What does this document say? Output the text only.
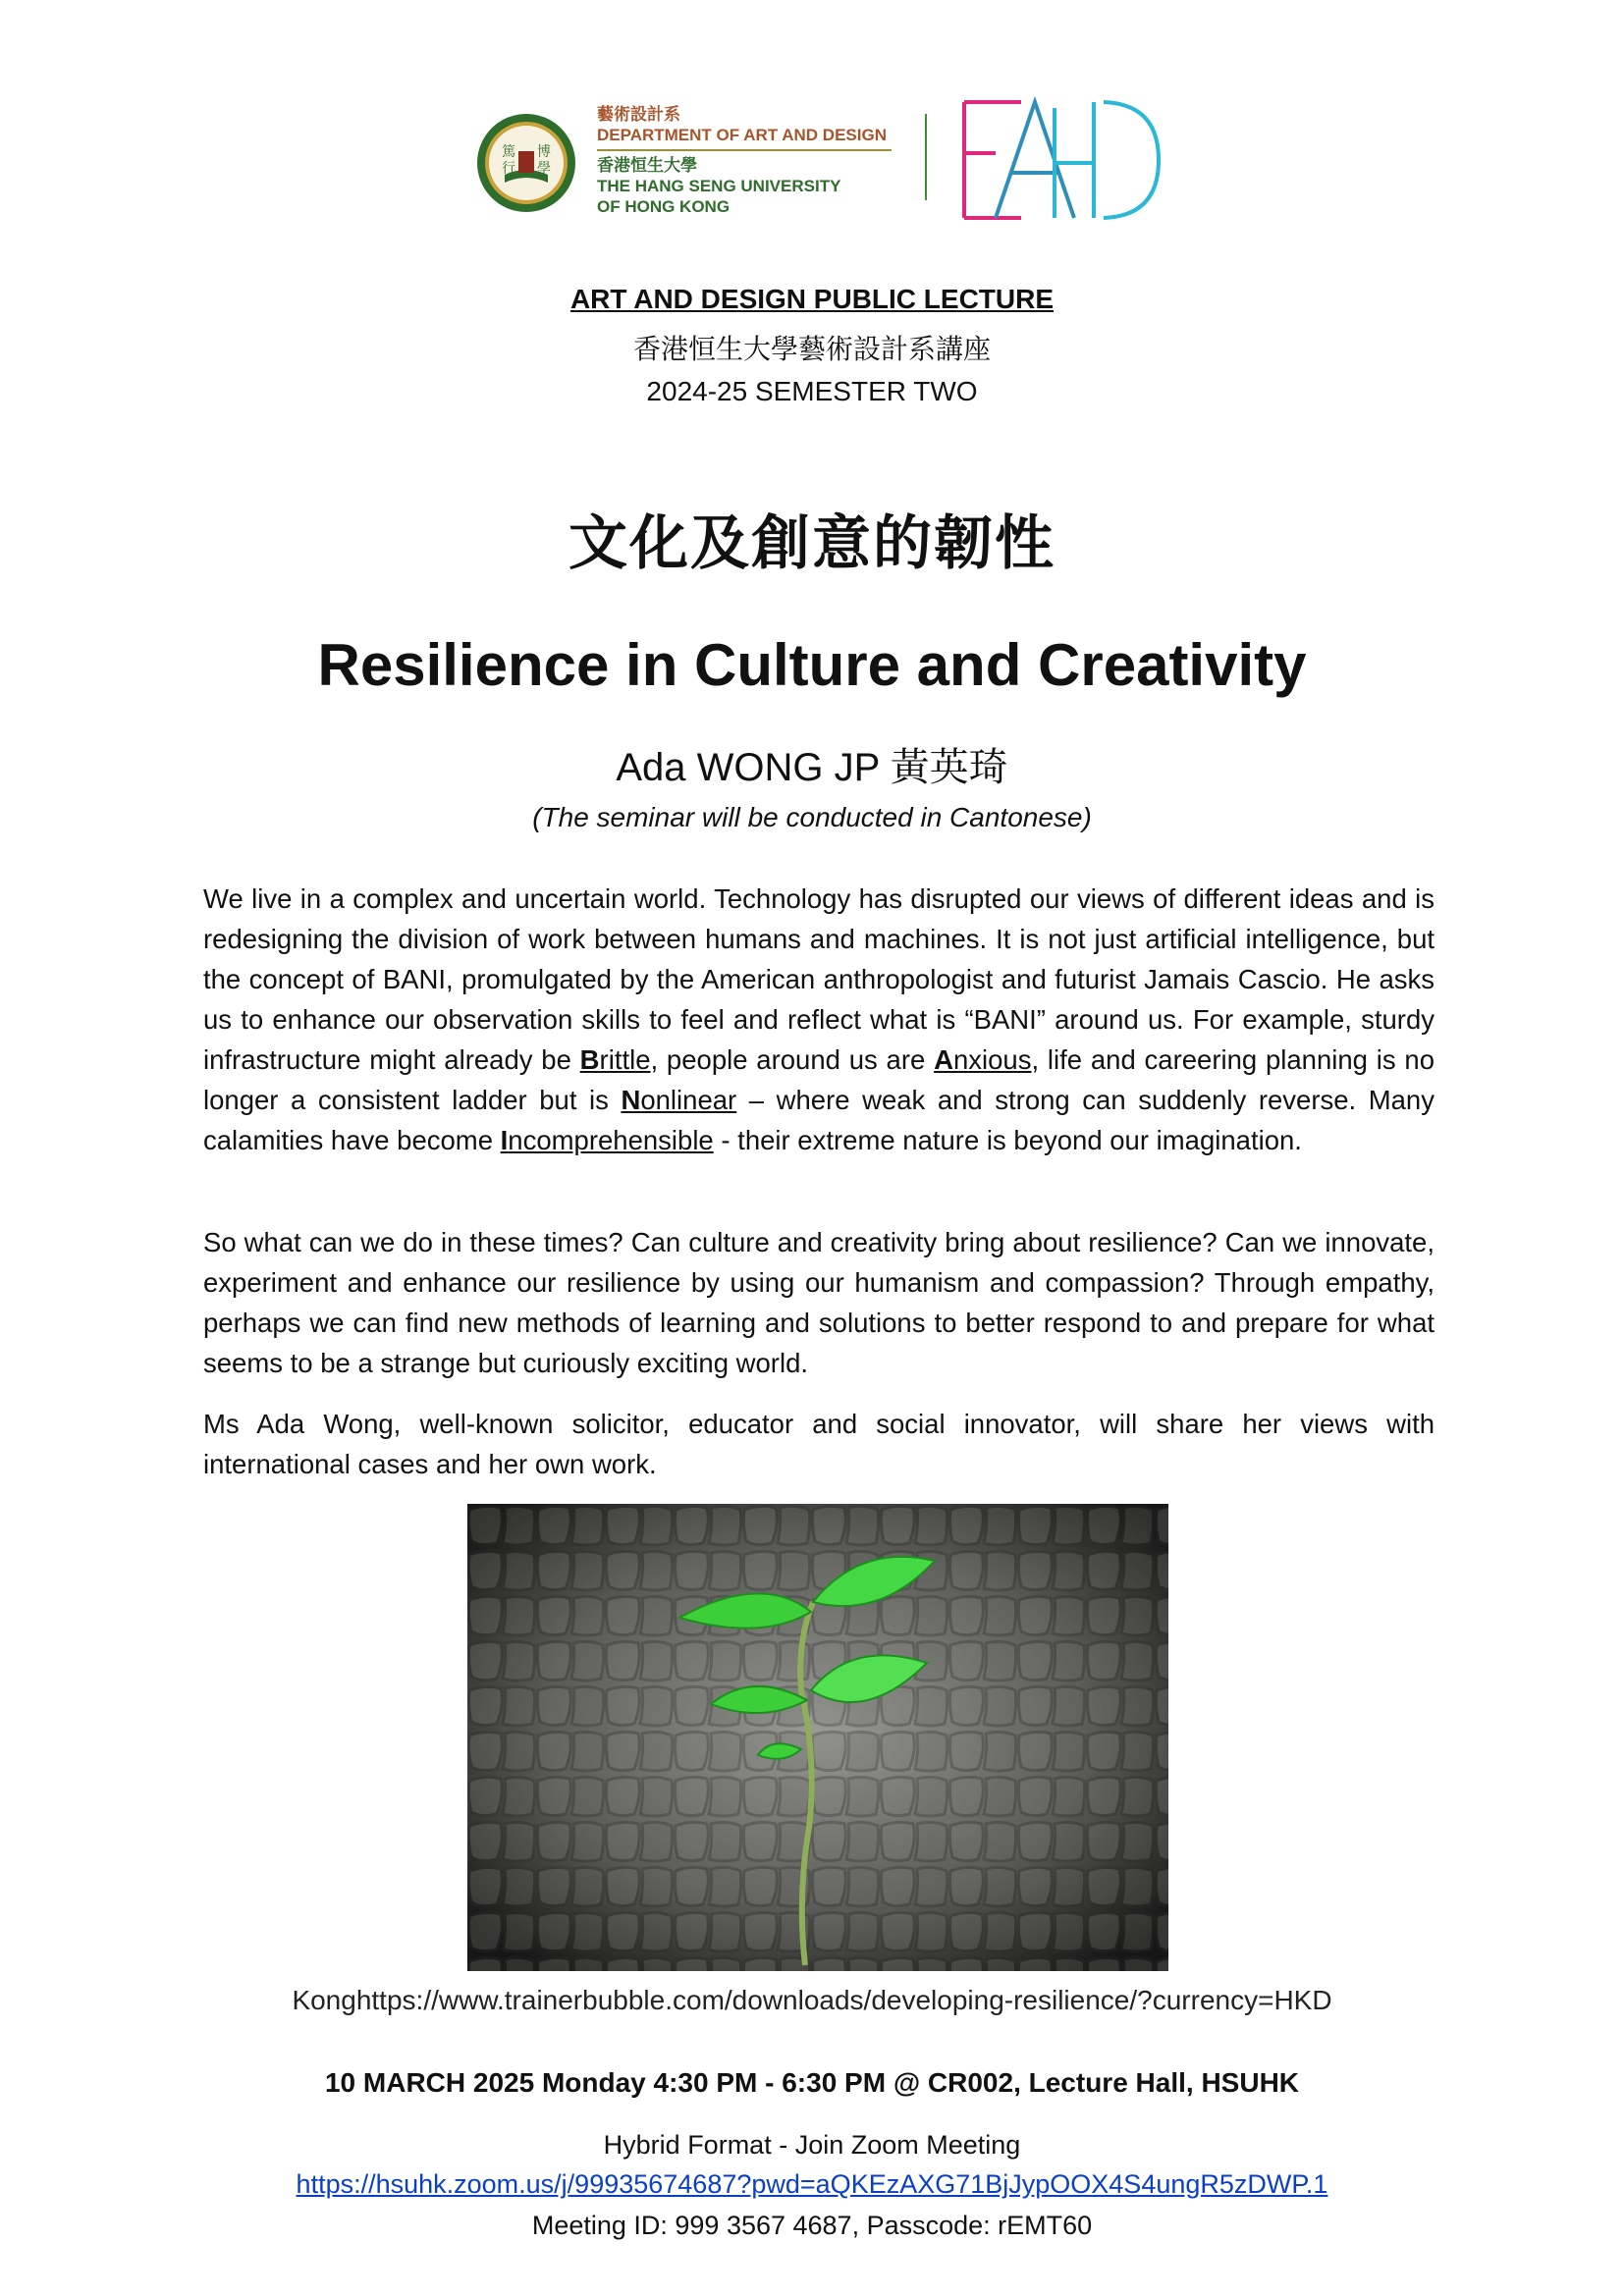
博
學
行
篤
藝術設計系
DEPARTMENT OF ART AND DESIGN
香港恒生大學
THE HANG SENG UNIVERSITY
OF HONG KONG
ART AND DESIGN PUBLIC LECTURE
香港恒生大學藝術設計系講座
2024-25 SEMESTER TWO
文化及創意的韌性
Resilience in Culture and Creativity
Ada WONG JP 黃英琦
(The seminar will be conducted in Cantonese)
We live in a complex and uncertain world. Technology has disrupted our views of different ideas and is redesigning the division of work between humans and machines. It is not just artificial intelligence, but the concept of BANI, promulgated by the American anthropologist and futurist Jamais Cascio. He asks us to enhance our observation skills to feel and reflect what is “BANI” around us. For example, sturdy infrastructure might already be Brittle, people around us are Anxious, life and careering planning is no longer a consistent ladder but is Nonlinear – where weak and strong can suddenly reverse. Many calamities have become Incomprehensible - their extreme nature is beyond our imagination.
So what can we do in these times? Can culture and creativity bring about resilience? Can we innovate, experiment and enhance our resilience by using our humanism and compassion? Through empathy, perhaps we can find new methods of learning and solutions to better respond to and prepare for what seems to be a strange but curiously exciting world.
Ms Ada Wong, well-known solicitor, educator and social innovator, will share her views with international cases and her own work.
Konghttps://www.trainerbubble.com/downloads/developing-resilience/?currency=HKD
10 MARCH 2025 Monday 4:30 PM - 6:30 PM @ CR002, Lecture Hall, HSUHK
Hybrid Format - Join Zoom Meeting
https://hsuhk.zoom.us/j/99935674687?pwd=aQKEzAXG71BjJypOOX4S4ungR5zDWP.1
Meeting ID: 999 3567 4687, Passcode: rEMT60
